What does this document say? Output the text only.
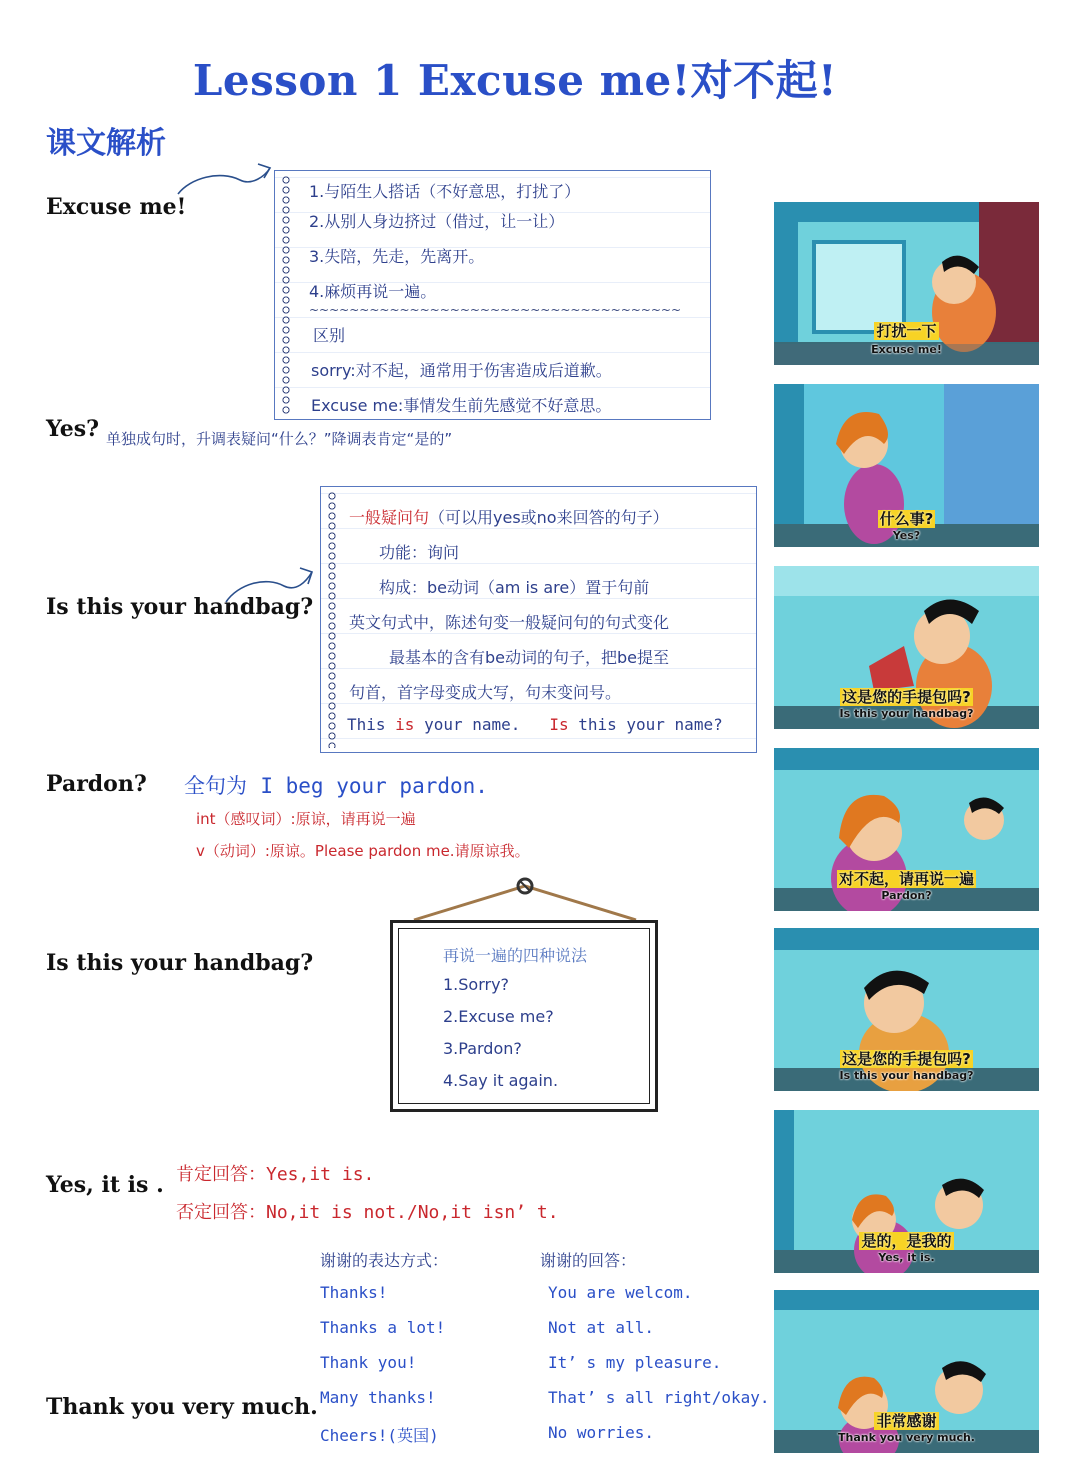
Lesson 1 Excuse me!对不起!
课文解析
Excuse me!
Yes? 单独成句时，升调表疑问“什么？”降调表肯定“是的”
Is this your handbag?
Pardon?
Is this your handbag?
Yes, it is .
Thank you very much.
1.与陌生人搭话（不好意思，打扰了）
2.从别人身边挤过（借过，让一让）
3.失陪，先走，先离开。
4.麻烦再说一遍。
~~~~~~~~~~~~~~~~~~~~~~~~~~~~~~~~~~~~~
区别
sorry:对不起，通常用于伤害造成后道歉。
Excuse me:事情发生前先感觉不好意思。
一般疑问句（可以用yes或no来回答的句子）
功能：询问
构成：be动词（am is are）置于句前
英文句式中，陈述句变一般疑问句的句式变化
最基本的含有be动词的句子，把be提至
句首，首字母变成大写，句末变问号。
This is your name. Is this your name?
全句为 I beg your pardon.
int（感叹词）:原谅，请再说一遍
v（动词）:原谅。Please pardon me.请原谅我。
再说一遍的四种说法
1.Sorry?
2.Excuse me?
3.Pardon?
4.Say it again.
肯定回答：Yes,it is.
否定回答：No,it is not./No,it isn’ t.
谢谢的表达方式：
Thanks!
Thanks a lot!
Thank you!
Many thanks!
Cheers!(英国)
谢谢的回答：
You are welcom.
Not at all.
It’ s my pleasure.
That’ s all right/okay.
No worries.
打扰一下
Excuse me!
什么事?
Yes?
这是您的手提包吗?
Is this your handbag?
对不起，请再说一遍
Pardon?
这是您的手提包吗?
Is this your handbag?
是的，是我的
Yes, it is.
非常感谢
Thank you very much.
